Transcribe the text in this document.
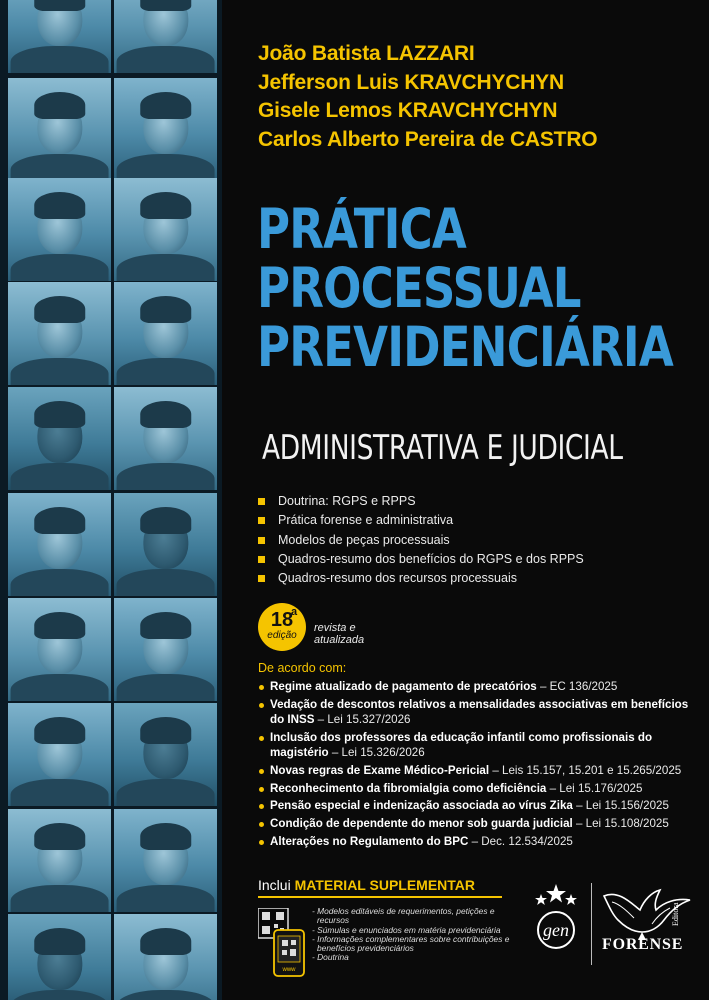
João Batista LAZZARI
Jefferson Luis KRAVCHYCHYN
Gisele Lemos KRAVCHYCHYN
Carlos Alberto Pereira de CASTRO
PRÁTICA
PROCESSUAL
PREVIDENCIÁRIA
ADMINISTRATIVA E JUDICIAL
Doutrina: RGPS e RPPS
Prática forense e administrativa
Modelos de peças processuais
Quadros-resumo dos benefícios do RGPS e dos RPPS
Quadros-resumo dos recursos processuais
18
a
edição
revista e atualizada
De acordo com:
Regime atualizado de pagamento de precatórios – EC 136/2025
Vedação de descontos relativos a mensalidades associativas em benefícios do INSS – Lei 15.327/2026
Inclusão dos professores da educação infantil como profissionais do magistério – Lei 15.326/2026
Novas regras de Exame Médico-Pericial – Leis 15.157, 15.201 e 15.265/2025
Reconhecimento da fibromialgia como deficiência – Lei 15.176/2025
Pensão especial e indenização associada ao vírus Zika – Lei 15.156/2025
Condição de dependente do menor sob guarda judicial – Lei 15.108/2025
Alterações no Regulamento do BPC – Dec. 12.534/2025
Inclui MATERIAL SUPLEMENTAR
www
- Modelos editáveis de requerimentos, petições e
recursos
- Súmulas e enunciados em matéria previdenciária
- Informações complementares sobre contribuições e
benefícios previdenciários
- Doutrina
gen
FORENSE
Editora
